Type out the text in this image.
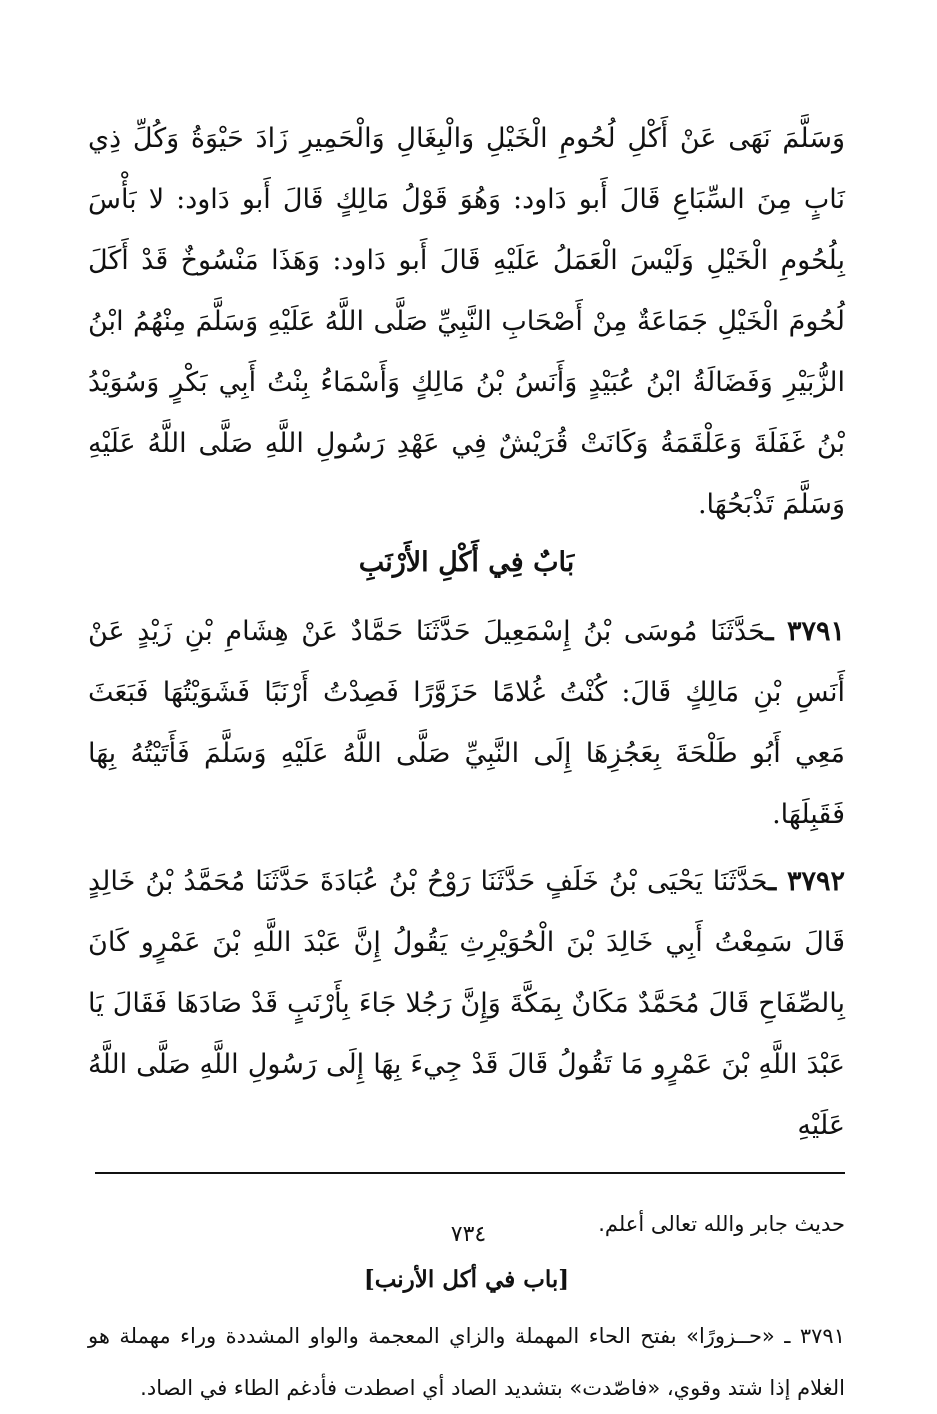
وَسَلَّمَ نَهَى عَنْ أَكْلِ لُحُومِ الْخَيْلِ وَالْبِغَالِ وَالْحَمِيرِ زَادَ حَيْوَةُ وَكُلِّ ذِي نَابٍ مِنَ السِّبَاعِ قَالَ أَبو دَاود: وَهُوَ قَوْلُ مَالِكٍ قَالَ أَبو دَاود: لا بَأْسَ بِلُحُومِ الْخَيْلِ وَلَيْسَ الْعَمَلُ عَلَيْهِ قَالَ أَبو دَاود: وَهَذَا مَنْسُوخٌ قَدْ أَكَلَ لُحُومَ الْخَيْلِ جَمَاعَةٌ مِنْ أَصْحَابِ النَّبِيِّ صَلَّى اللَّهُ عَلَيْهِ وَسَلَّمَ مِنْهُمُ ابْنُ الزُّبَيْرِ وَفَضَالَةُ ابْنُ عُبَيْدٍ وَأَنَسُ بْنُ مَالِكٍ وَأَسْمَاءُ بِنْتُ أَبِي بَكْرٍ وَسُوَيْدُ بْنُ غَفَلَةَ وَعَلْقَمَةُ وَكَانَتْ قُرَيْشٌ فِي عَهْدِ رَسُولِ اللَّهِ صَلَّى اللَّهُ عَلَيْهِ وَسَلَّمَ تَذْبَحُهَا.

بَابٌ فِي أَكْلِ الأَرْنَبِ

٣٧٩١ ـحَدَّثَنَا مُوسَى بْنُ إِسْمَعِيلَ حَدَّثَنَا حَمَّادٌ عَنْ هِشَامِ بْنِ زَيْدٍ عَنْ أَنَسِ بْنِ مَالِكٍ قَالَ: كُنْتُ غُلامًا حَزَوَّرًا فَصِدْتُ أَرْنَبًا فَشَوَيْتُهَا فَبَعَثَ مَعِي أَبُو طَلْحَةَ بِعَجُزِهَا إِلَى النَّبِيِّ صَلَّى اللَّهُ عَلَيْهِ وَسَلَّمَ فَأَتَيْتُهُ بِهَا فَقَبِلَهَا.

٣٧٩٢ ـحَدَّثَنَا يَحْيَى بْنُ خَلَفٍ حَدَّثَنَا رَوْحُ بْنُ عُبَادَةَ حَدَّثَنَا مُحَمَّدُ بْنُ خَالِدٍ قَالَ سَمِعْتُ أَبِي خَالِدَ بْنَ الْحُوَيْرِثِ يَقُولُ إِنَّ عَبْدَ اللَّهِ بْنَ عَمْرٍو كَانَ بِالصِّفَاحِ قَالَ مُحَمَّدٌ مَكَانٌ بِمَكَّةَ وَإِنَّ رَجُلا جَاءَ بِأَرْنَبٍ قَدْ صَادَهَا فَقَالَ يَا عَبْدَ اللَّهِ بْنَ عَمْرٍو مَا تَقُولُ قَالَ قَدْ جِيءَ بِهَا إِلَى رَسُولِ اللَّهِ صَلَّى اللَّهُ عَلَيْهِ

حديث جابر والله تعالى أعلم.

[باب في أكل الأرنب]

٣٧٩١ ـ «حــزورًا» بفتح الحاء المهملة والزاي المعجمة والواو المشددة وراء مهملة هو الغلام إذا شتد وقوي، «فاصّدت» بتشديد الصاد أي اصطدت فأدغم الطاء في الصاد.

٧٣٤
